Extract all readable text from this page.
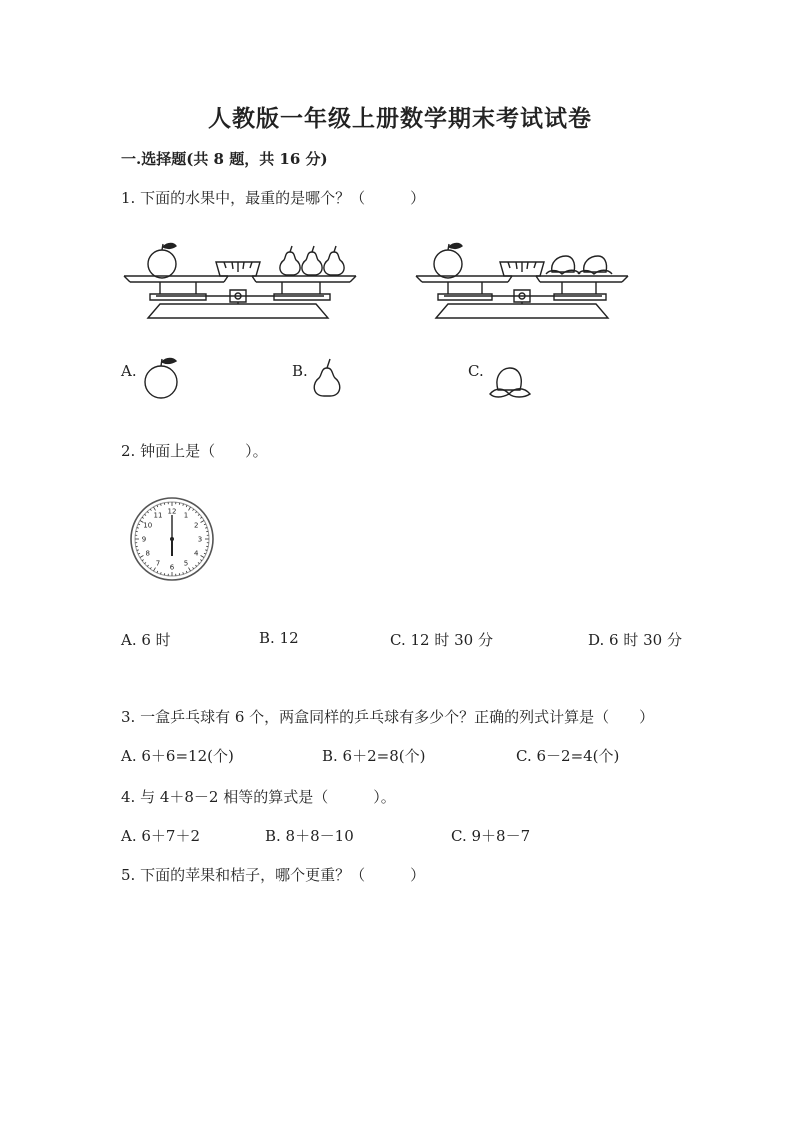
人教版一年级上册数学期末考试试卷
一.选择题(共 8 题，共 16 分)
1. 下面的水果中，最重的是哪个？（　　　）
A.	B.	C.
2. 钟面上是（　　）。
12 1
2
3
4
5
6
7
8
9
10
11
A. 6 时	B. 12	C. 12 时 30 分	D. 6 时 30 分
3. 一盒乒乓球有 6 个，两盒同样的乒乓球有多少个？正确的列式计算是（　　）
A. 6＋6=12(个)	B. 6＋2=8(个)	C. 6－2=4(个)
4. 与 4＋8－2 相等的算式是（　　　）。
A. 6＋7＋2	B. 8＋8－10	C. 9＋8－7
5. 下面的苹果和桔子，哪个更重？（　　　）
